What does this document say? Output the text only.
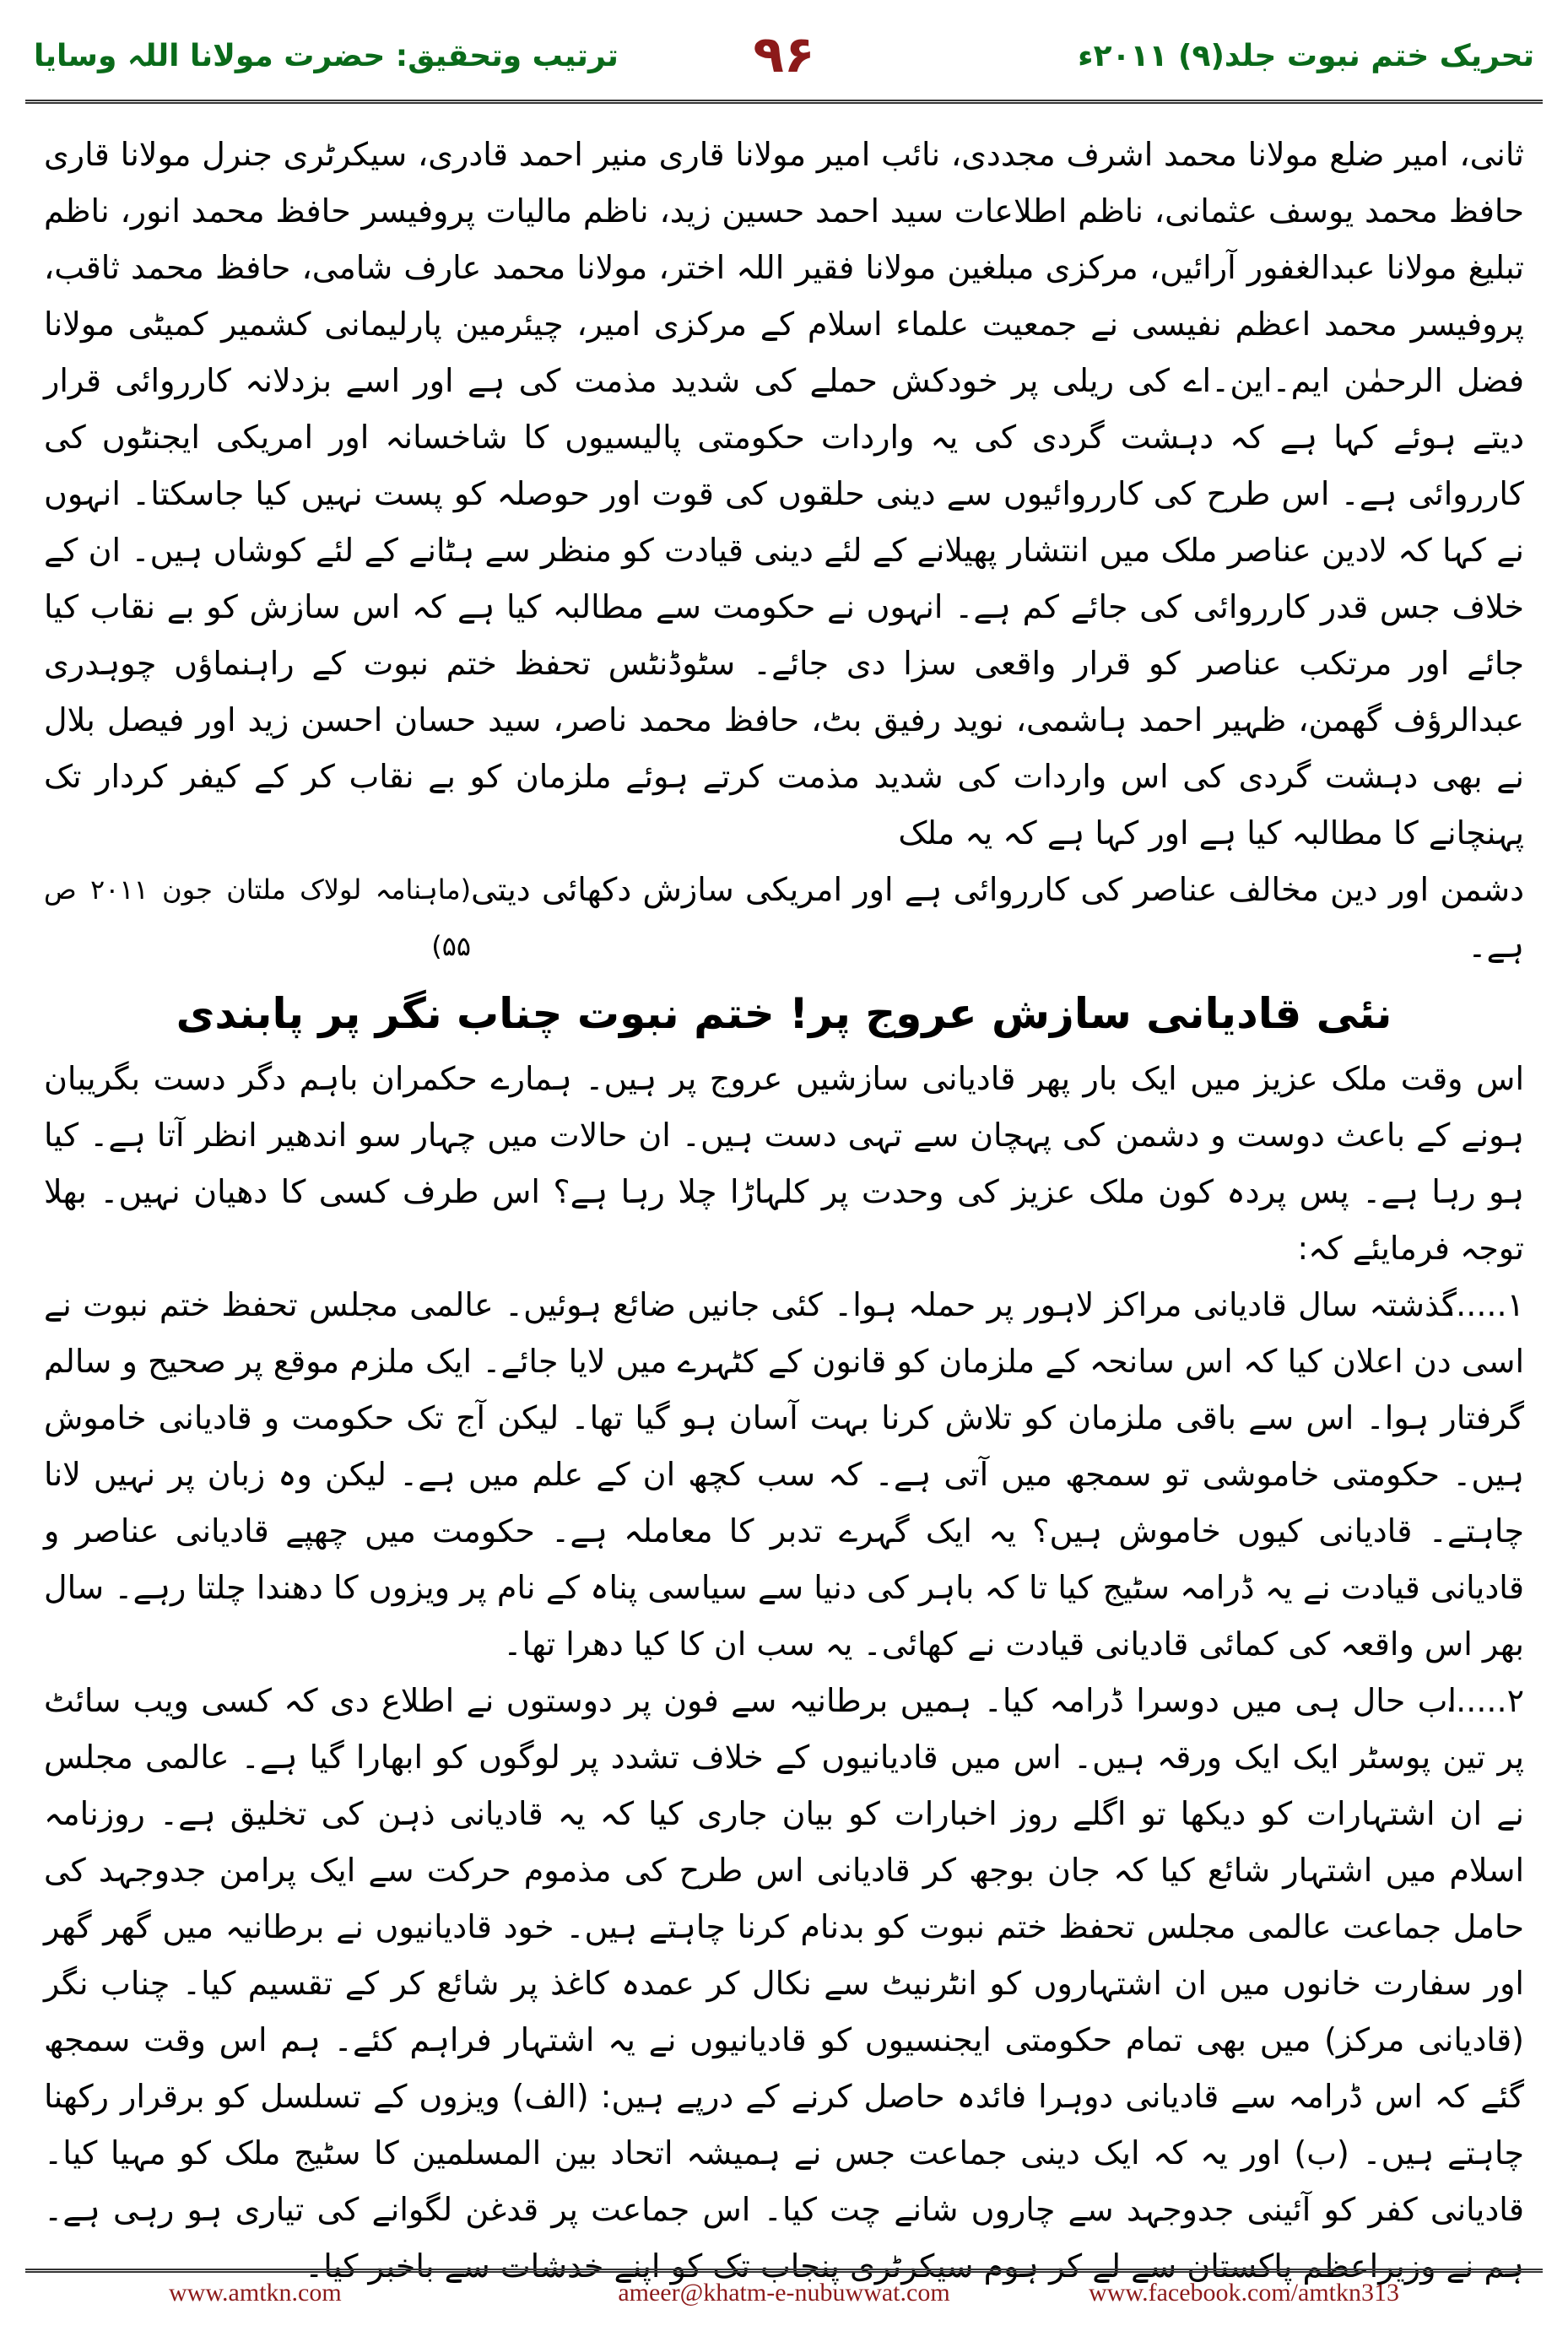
تحریک ختم نبوت جلد(۹) ۲۰۱۱ء
۹۶
ترتیب وتحقیق: حضرت مولانا اللہ وسایا

ثانی، امیر ضلع مولانا محمد اشرف مجددی، نائب امیر مولانا قاری منیر احمد قادری، سیکرٹری جنرل مولانا قاری حافظ محمد یوسف عثمانی، ناظم اطلاعات سید احمد حسین زید، ناظم مالیات پروفیسر حافظ محمد انور، ناظم تبلیغ مولانا عبدالغفور آرائیں، مرکزی مبلغین مولانا فقیر اللہ اختر، مولانا محمد عارف شامی، حافظ محمد ثاقب، پروفیسر محمد اعظم نفیسی نے جمعیت علماء اسلام کے مرکزی امیر، چیئرمین پارلیمانی کشمیر کمیٹی مولانا فضل الرحمٰن ایم۔این۔اے کی ریلی پر خودکش حملے کی شدید مذمت کی ہے اور اسے بزدلانہ کارروائی قرار دیتے ہوئے کہا ہے کہ دہشت گردی کی یہ واردات حکومتی پالیسیوں کا شاخسانہ اور امریکی ایجنٹوں کی کارروائی ہے۔ اس طرح کی کارروائیوں سے دینی حلقوں کی قوت اور حوصلہ کو پست نہیں کیا جاسکتا۔ انہوں نے کہا کہ لادین عناصر ملک میں انتشار پھیلانے کے لئے دینی قیادت کو منظر سے ہٹانے کے لئے کوشاں ہیں۔ ان کے خلاف جس قدر کارروائی کی جائے کم ہے۔ انہوں نے حکومت سے مطالبہ کیا ہے کہ اس سازش کو بے نقاب کیا جائے اور مرتکب عناصر کو قرار واقعی سزا دی جائے۔ سٹوڈنٹس تحفظ ختم نبوت کے راہنماؤں چوہدری عبدالرؤف گھمن، ظہیر احمد ہاشمی، نوید رفیق بٹ، حافظ محمد ناصر، سید حسان احسن زید اور فیصل بلال نے بھی دہشت گردی کی اس واردات کی شدید مذمت کرتے ہوئے ملزمان کو بے نقاب کر کے کیفر کردار تک پہنچانے کا مطالبہ کیا ہے اور کہا ہے کہ یہ ملک

دشمن اور دین مخالف عناصر کی کارروائی ہے اور امریکی سازش دکھائی دیتی ہے۔
(ماہنامہ لولاک ملتان جون ۲۰۱۱ ص ۵۵)
نئی قادیانی سازش عروج پر! ختم نبوت چناب نگر پر پابندی

اس وقت ملک عزیز میں ایک بار پھر قادیانی سازشیں عروج پر ہیں۔ ہمارے حکمران باہم دگر دست بگریبان ہونے کے باعث دوست و دشمن کی پہچان سے تہی دست ہیں۔ ان حالات میں چہار سو اندھیر انظر آتا ہے۔ کیا ہو رہا ہے۔ پس پردہ کون ملک عزیز کی وحدت پر کلہاڑا چلا رہا ہے؟ اس طرف کسی کا دھیان نہیں۔ بھلا توجہ فرمایئے کہ:

۱......گذشتہ سال قادیانی مراکز لاہور پر حملہ ہوا۔ کئی جانیں ضائع ہوئیں۔ عالمی مجلس تحفظ ختم نبوت نے اسی دن اعلان کیا کہ اس سانحہ کے ملزمان کو قانون کے کٹہرے میں لایا جائے۔ ایک ملزم موقع پر صحیح و سالم گرفتار ہوا۔ اس سے باقی ملزمان کو تلاش کرنا بہت آسان ہو گیا تھا۔ لیکن آج تک حکومت و قادیانی خاموش ہیں۔ حکومتی خاموشی تو سمجھ میں آتی ہے۔ کہ سب کچھ ان کے علم میں ہے۔ لیکن وہ زبان پر نہیں لانا چاہتے۔ قادیانی کیوں خاموش ہیں؟ یہ ایک گہرے تدبر کا معاملہ ہے۔ حکومت میں چھپے قادیانی عناصر و قادیانی قیادت نے یہ ڈرامہ سٹیج کیا تا کہ باہر کی دنیا سے سیاسی پناہ کے نام پر ویزوں کا دھندا چلتا رہے۔ سال بھر اس واقعہ کی کمائی قادیانی قیادت نے کھائی۔ یہ سب ان کا کیا دھرا تھا۔

۲......اب حال ہی میں دوسرا ڈرامہ کیا۔ ہمیں برطانیہ سے فون پر دوستوں نے اطلاع دی کہ کسی ویب سائٹ پر تین پوسٹر ایک ایک ورقہ ہیں۔ اس میں قادیانیوں کے خلاف تشدد پر لوگوں کو ابھارا گیا ہے۔ عالمی مجلس نے ان اشتہارات کو دیکھا تو اگلے روز اخبارات کو بیان جاری کیا کہ یہ قادیانی ذہن کی تخلیق ہے۔ روزنامہ اسلام میں اشتہار شائع کیا کہ جان بوجھ کر قادیانی اس طرح کی مذموم حرکت سے ایک پرامن جدوجہد کی حامل جماعت عالمی مجلس تحفظ ختم نبوت کو بدنام کرنا چاہتے ہیں۔ خود قادیانیوں نے برطانیہ میں گھر گھر اور سفارت خانوں میں ان اشتہاروں کو انٹرنیٹ سے نکال کر عمدہ کاغذ پر شائع کر کے تقسیم کیا۔ چناب نگر (قادیانی مرکز) میں بھی تمام حکومتی ایجنسیوں کو قادیانیوں نے یہ اشتہار فراہم کئے۔ ہم اس وقت سمجھ گئے کہ اس ڈرامہ سے قادیانی دوہرا فائدہ حاصل کرنے کے درپے ہیں: (الف) ویزوں کے تسلسل کو برقرار رکھنا چاہتے ہیں۔ (ب) اور یہ کہ ایک دینی جماعت جس نے ہمیشہ اتحاد بین المسلمین کا سٹیج ملک کو مہیا کیا۔ قادیانی کفر کو آئینی جدوجہد سے چاروں شانے چت کیا۔ اس جماعت پر قدغن لگوانے کی تیاری ہو رہی ہے۔ ہم نے وزیراعظم پاکستان سے لے کر ہوم سیکرٹری پنجاب تک کو اپنے خدشات سے باخبر کیا۔

www.amtkn.com	ameer@khatm-e-nubuwwat.com	www.facebook.com/amtkn313
